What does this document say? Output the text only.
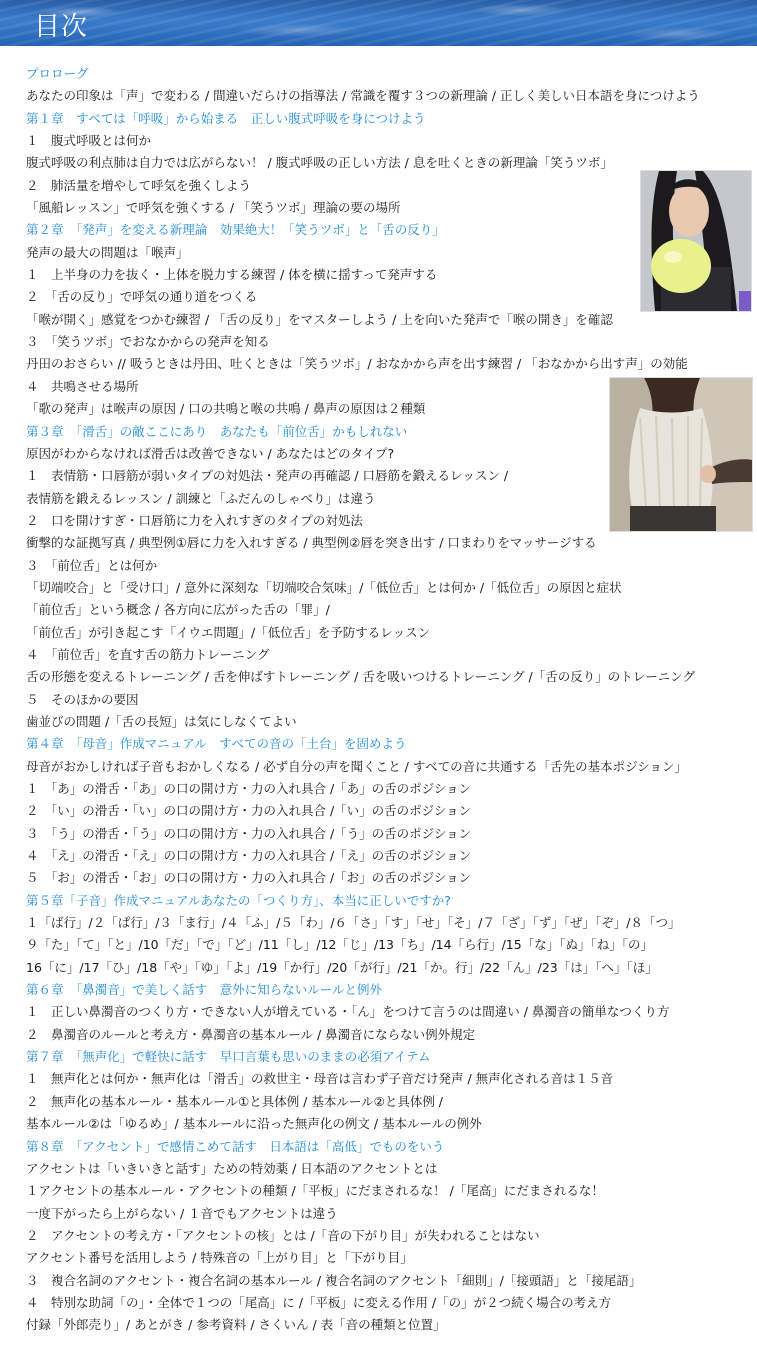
目次
プロローグ
あなたの印象は「声」で変わる / 間違いだらけの指導法 / 常識を覆す３つの新理論 / 正しく美しい日本語を身につけよう
第１章　すべては「呼吸」から始まる　正しい腹式呼吸を身につけよう
１　腹式呼吸とは何か
腹式呼吸の利点肺は自力では広がらない！ / 腹式呼吸の正しい方法 / 息を吐くときの新理論「笑うツボ」
２　肺活量を増やして呼気を強くしよう
「風船レッスン」で呼気を強くする / 「笑うツボ」理論の要の場所
第２章　「発声」を変える新理論　効果絶大！「笑うツボ」と「舌の反り」
発声の最大の問題は「喉声」
１　上半身の力を抜く・上体を脱力する練習 / 体を横に揺すって発声する
２　「舌の反り」で呼気の通り道をつくる
「喉が開く」感覚をつかむ練習 / 「舌の反り」をマスターしよう / 上を向いた発声で「喉の開き」を確認
３　「笑うツボ」でおなかからの発声を知る
丹田のおさらい // 吸うときは丹田、吐くときは「笑うツボ」/ おなかから声を出す練習 / 「おなかから出す声」の効能
４　共鳴させる場所
「歌の発声」は喉声の原因 / 口の共鳴と喉の共鳴 / 鼻声の原因は２種類
第３章　「滑舌」の敵ここにあり　あなたも「前位舌」かもしれない
原因がわからなければ滑舌は改善できない / あなたはどのタイプ?
１　表情筋・口唇筋が弱いタイプの対処法・発声の再確認 / 口唇筋を鍛えるレッスン /
表情筋を鍛えるレッスン / 訓練と「ふだんのしゃべり」は違う
２　口を開けすぎ・口唇筋に力を入れすぎのタイプの対処法
衝撃的な証拠写真 / 典型例①唇に力を入れすぎる / 典型例②唇を突き出す / 口まわりをマッサージする
３　「前位舌」とは何か
「切端咬合」と「受け口」/ 意外に深刻な「切端咬合気味」/「低位舌」とは何か /「低位舌」の原因と症状
「前位舌」という概念 / 各方向に広がった舌の「罪」/
「前位舌」が引き起こす「イウエ問題」/「低位舌」を予防するレッスン
４　「前位舌」を直す舌の筋力トレーニング
舌の形態を変えるトレーニング / 舌を伸ばすトレーニング / 舌を吸いつけるトレーニング /「舌の反り」のトレーニング
５　そのほかの要因
歯並びの問題 /「舌の長短」は気にしなくてよい
第４章　「母音」作成マニュアル　すべての音の「土台」を固めよう
母音がおかしければ子音もおかしくなる / 必ず自分の声を聞くこと / すべての音に共通する「舌先の基本ポジション」
１　「あ」の滑舌・「あ」の口の開け方・力の入れ具合 /「あ」の舌のポジション
２　「い」の滑舌・「い」の口の開け方・力の入れ具合 /「い」の舌のポジション
３　「う」の滑舌・「う」の口の開け方・力の入れ具合 /「う」の舌のポジション
４　「え」の滑舌・「え」の口の開け方・力の入れ具合 /「え」の舌のポジション
５　「お」の滑舌・「お」の口の開け方・力の入れ具合 /「お」の舌のポジション
第５章「子音」作成マニュアルあなたの「つくり方」、本当に正しいですか?
１「ば行」/２「ぱ行」/３「ま行」/４「ふ」/５「わ」/６「さ」「す」「せ」「そ」/７「ざ」「ず」「ぜ」「ぞ」/８「つ」
９「た」「て」「と」/10「だ」「で」「ど」/11「し」/12「じ」/13「ち」/14「ら行」/15「な」「ぬ」「ね」「の」
16「に」/17「ひ」/18「や」「ゆ」「よ」/19「か行」/20「が行」/21「か。行」/22「ん」/23「は」「へ」「ほ」
第６章　「鼻濁音」で美しく話す　意外に知らないルールと例外
１　正しい鼻濁音のつくり方・できない人が増えている・「ん」をつけて言うのは間違い / 鼻濁音の簡単なつくり方
２　鼻濁音のルールと考え方・鼻濁音の基本ルール / 鼻濁音にならない例外規定
第７章　「無声化」で軽快に話す　早口言葉も思いのままの必須アイテム
１　無声化とは何か・無声化は「滑舌」の救世主・母音は言わず子音だけ発声 / 無声化される音は１５音
２　無声化の基本ルール・基本ルール①と具体例 / 基本ルール②と具体例 /
基本ルール②は「ゆるめ」/ 基本ルールに沿った無声化の例文 / 基本ルールの例外
第８章　「アクセント」で感情こめて話す　日本語は「高低」でものをいう
アクセントは「いきいきと話す」ための特効薬 / 日本語のアクセントとは
１アクセントの基本ルール・アクセントの種類 /「平板」にだまされるな！ /「尾高」にだまされるな！
一度下がったら上がらない / １音でもアクセントは違う
２　アクセントの考え方・「アクセントの核」とは /「音の下がり目」が失われることはない
アクセント番号を活用しよう / 特殊音の「上がり目」と「下がり目」
３　複合名詞のアクセント・複合名詞の基本ルール / 複合名詞のアクセント「細則」/「接頭語」と「接尾語」
４　特別な助詞「の」・全体で１つの「尾高」に /「平板」に変える作用 /「の」が２つ続く場合の考え方
付録「外郎売り」/ あとがき / 参考資料 / さくいん / 表「音の種類と位置」
